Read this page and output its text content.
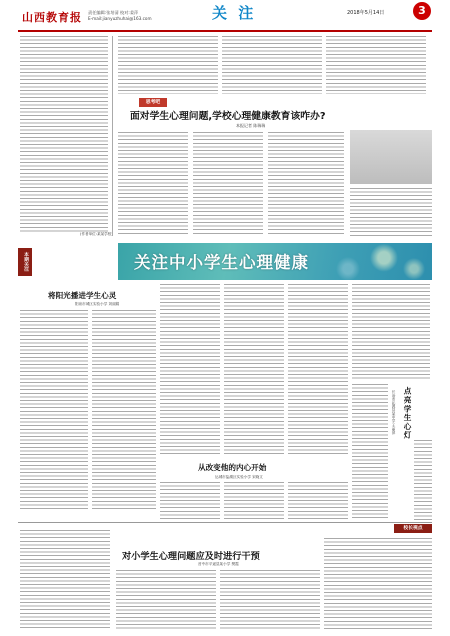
山西教育报 责任编辑:张培清 校对:姜萍
E-mail:jianyuzhuhai@163.com	关 注	2018年5月14日	3
(作者单位:某某学校)
思考吧
面对学生心理问题,学校心理健康教育该咋办?
本报记者 陈瑞瑞
关注中小学生心理健康
本期关注
将阳光播进学生心灵
阳泉市城区实验小学 刘丽娟
从改变他的内心开始
运城市盐湖区实验小学 宋晓文
点亮学生心灯
长治市沁源县某中学 王丽萍
校长视点
对小学生心理问题应及时进行干预
晋中市平遥县某小学 樊霞
